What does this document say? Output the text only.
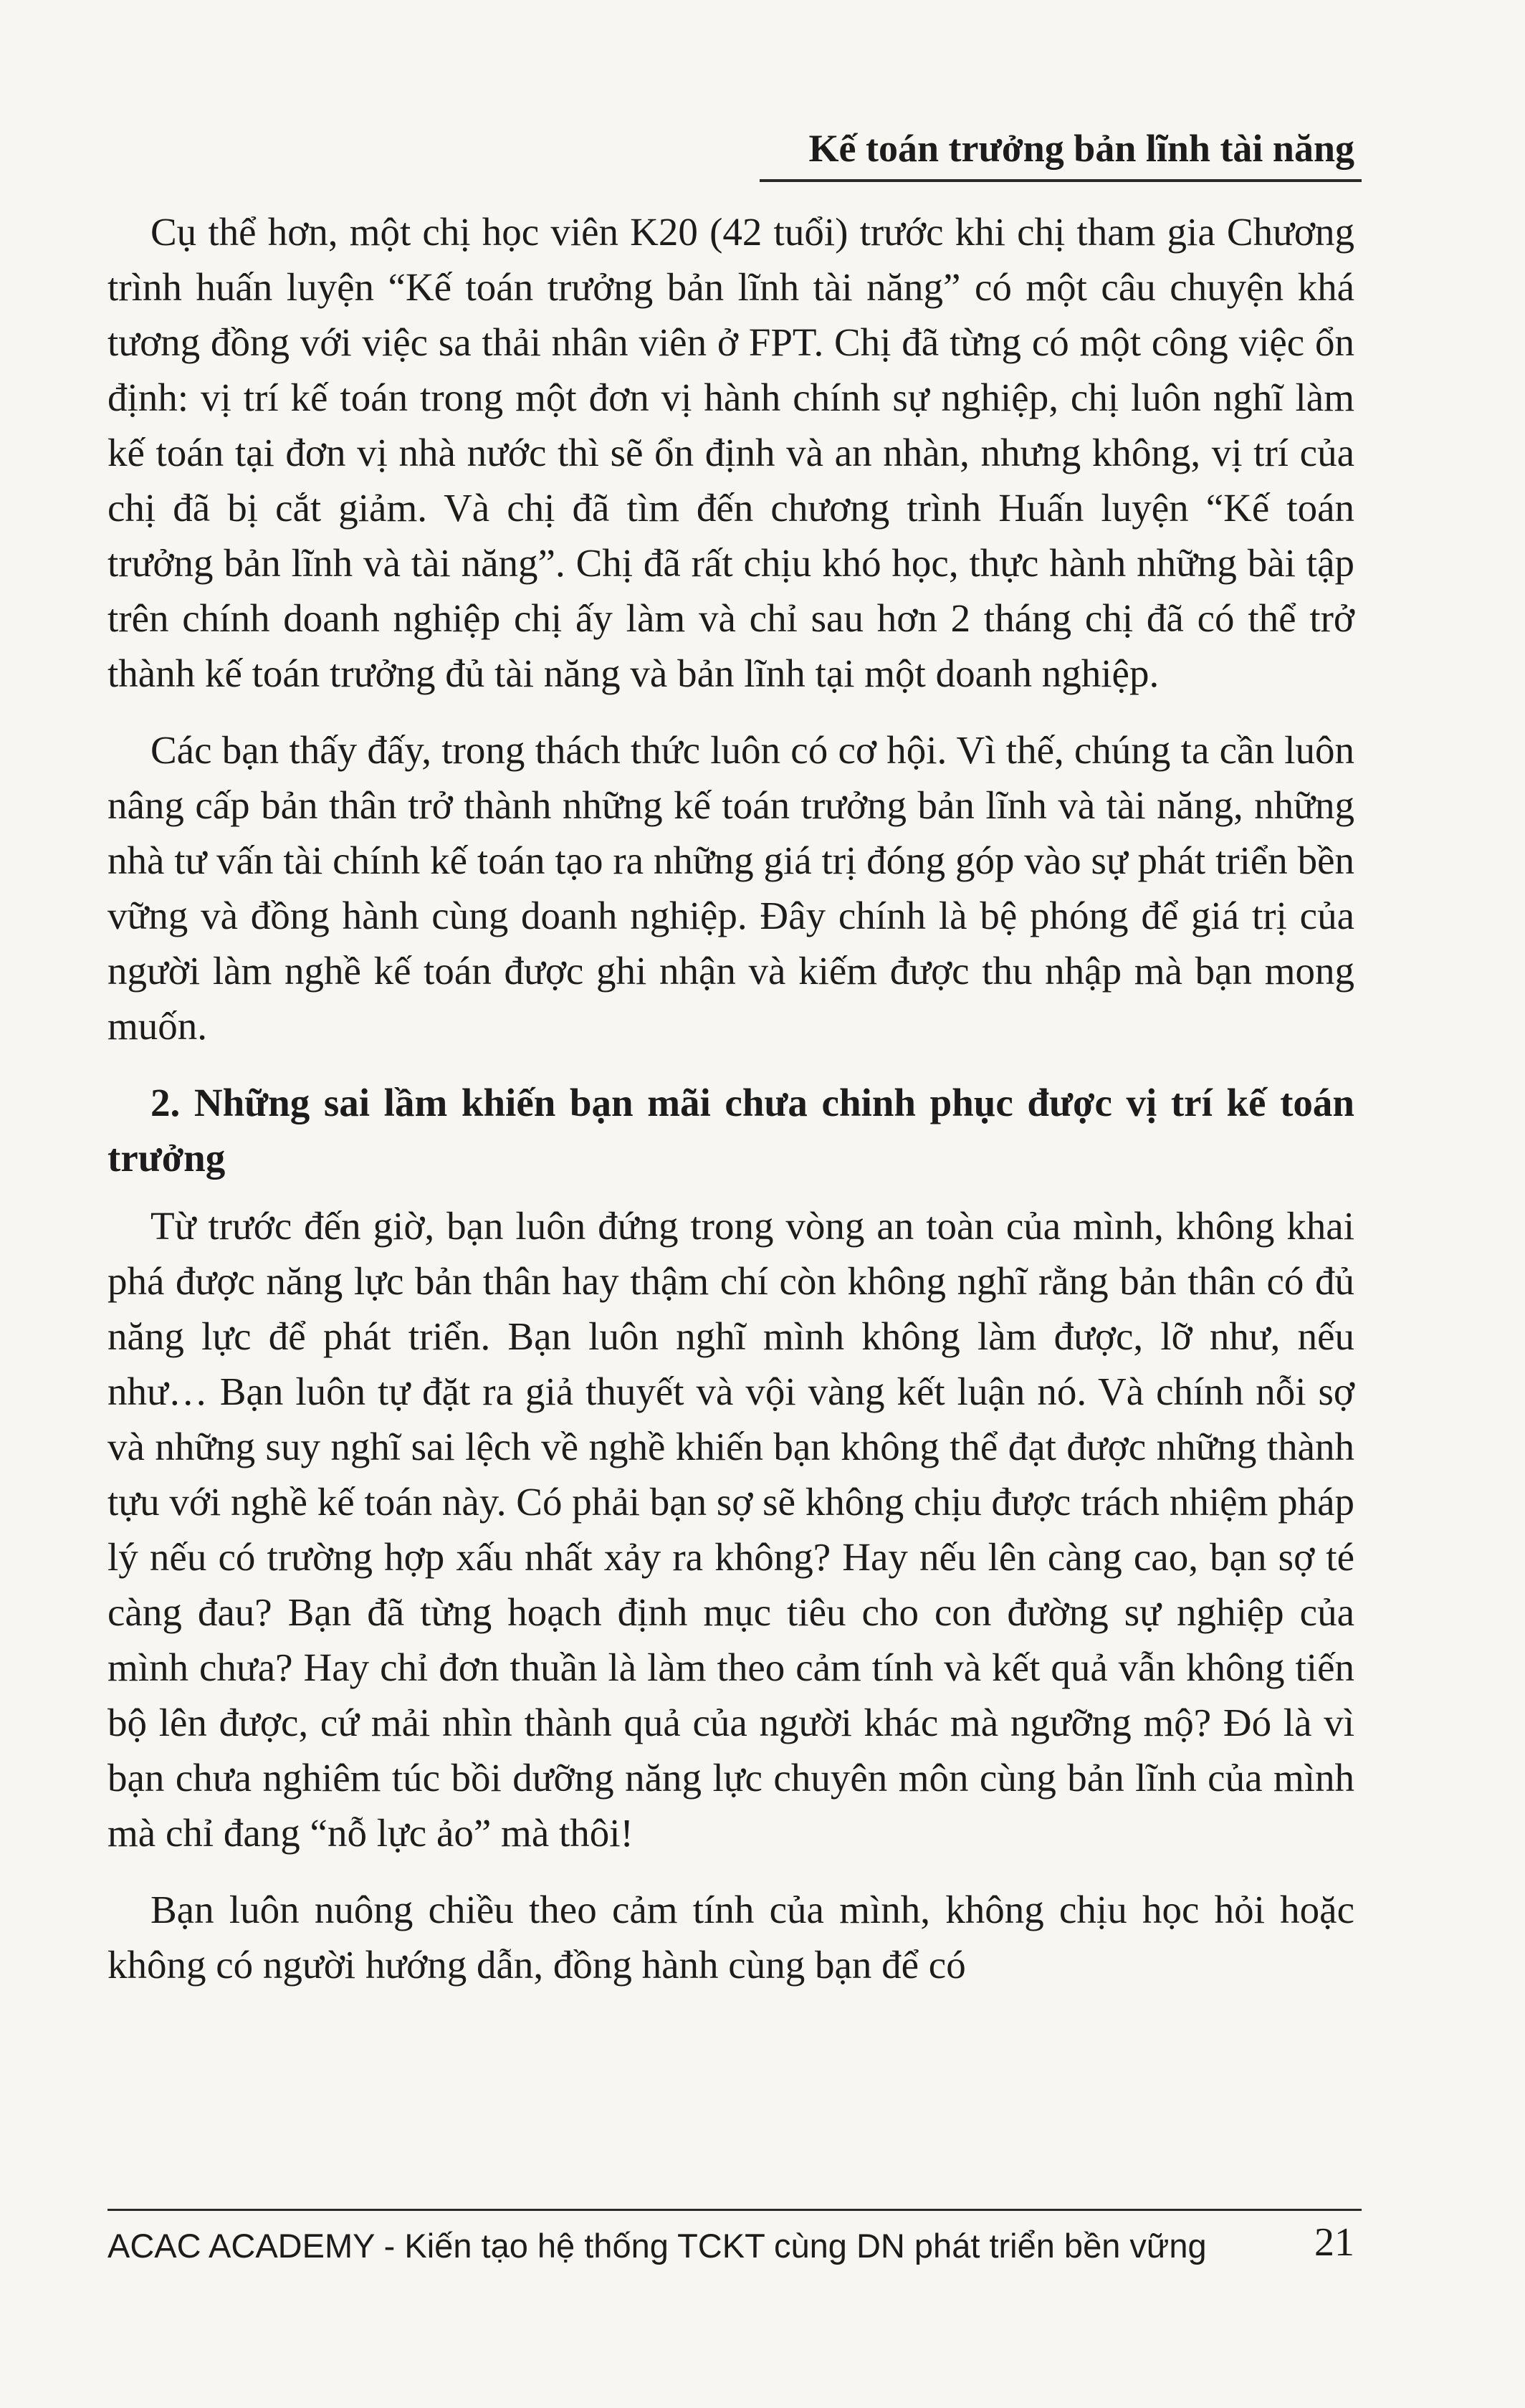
Kế toán trưởng bản lĩnh tài năng

Cụ thể hơn, một chị học viên K20 (42 tuổi) trước khi chị tham gia Chương trình huấn luyện “Kế toán trưởng bản lĩnh tài năng” có một câu chuyện khá tương đồng với việc sa thải nhân viên ở FPT. Chị đã từng có một công việc ổn định: vị trí kế toán trong một đơn vị hành chính sự nghiệp, chị luôn nghĩ làm kế toán tại đơn vị nhà nước thì sẽ ổn định và an nhàn, nhưng không, vị trí của chị đã bị cắt giảm. Và chị đã tìm đến chương trình Huấn luyện “Kế toán trưởng bản lĩnh và tài năng”. Chị đã rất chịu khó học, thực hành những bài tập trên chính doanh nghiệp chị ấy làm và chỉ sau hơn 2 tháng chị đã có thể trở thành kế toán trưởng đủ tài năng và bản lĩnh tại một doanh nghiệp.

Các bạn thấy đấy, trong thách thức luôn có cơ hội. Vì thế, chúng ta cần luôn nâng cấp bản thân trở thành những kế toán trưởng bản lĩnh và tài năng, những nhà tư vấn tài chính kế toán tạo ra những giá trị đóng góp vào sự phát triển bền vững và đồng hành cùng doanh nghiệp. Đây chính là bệ phóng để giá trị của người làm nghề kế toán được ghi nhận và kiếm được thu nhập mà bạn mong muốn.

2. Những sai lầm khiến bạn mãi chưa chinh phục được vị trí kế toán trưởng

Từ trước đến giờ, bạn luôn đứng trong vòng an toàn của mình, không khai phá được năng lực bản thân hay thậm chí còn không nghĩ rằng bản thân có đủ năng lực để phát triển. Bạn luôn nghĩ mình không làm được, lỡ như, nếu như… Bạn luôn tự đặt ra giả thuyết và vội vàng kết luận nó. Và chính nỗi sợ và những suy nghĩ sai lệch về nghề khiến bạn không thể đạt được những thành tựu với nghề kế toán này. Có phải bạn sợ sẽ không chịu được trách nhiệm pháp lý nếu có trường hợp xấu nhất xảy ra không? Hay nếu lên càng cao, bạn sợ té càng đau? Bạn đã từng hoạch định mục tiêu cho con đường sự nghiệp của mình chưa? Hay chỉ đơn thuần là làm theo cảm tính và kết quả vẫn không tiến bộ lên được, cứ mải nhìn thành quả của người khác mà ngưỡng mộ? Đó là vì bạn chưa nghiêm túc bồi dưỡng năng lực chuyên môn cùng bản lĩnh của mình mà chỉ đang “nỗ lực ảo” mà thôi!

Bạn luôn nuông chiều theo cảm tính của mình, không chịu học hỏi hoặc không có người hướng dẫn, đồng hành cùng bạn để có

ACAC ACADEMY - Kiến tạo hệ thống TCKT cùng DN phát triển bền vững	21
